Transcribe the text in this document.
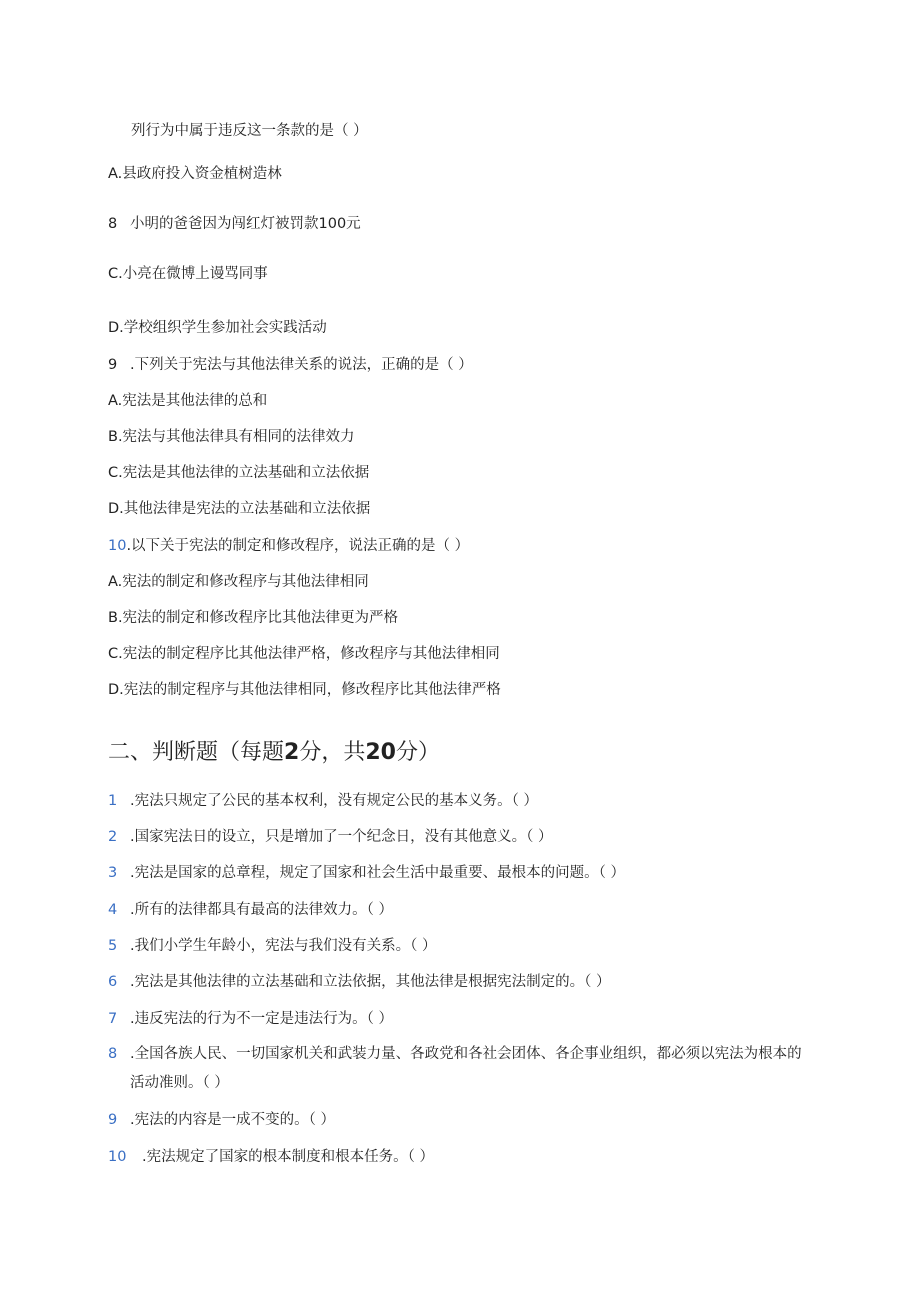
列行为中属于违反这一条款的是（ ）
A.县政府投入资金植树造林
8 小明的爸爸因为闯红灯被罚款100元
C.小亮在微博上谩骂同事
D.学校组织学生参加社会实践活动
9 .下列关于宪法与其他法律关系的说法，正确的是（ ）
A.宪法是其他法律的总和
B.宪法与其他法律具有相同的法律效力
C.宪法是其他法律的立法基础和立法依据
D.其他法律是宪法的立法基础和立法依据
10.以下关于宪法的制定和修改程序，说法正确的是（ ）
A.宪法的制定和修改程序与其他法律相同
B.宪法的制定和修改程序比其他法律更为严格
C.宪法的制定程序比其他法律严格，修改程序与其他法律相同
D.宪法的制定程序与其他法律相同，修改程序比其他法律严格
二、判断题（每题2分，共20分）
1 .宪法只规定了公民的基本权利，没有规定公民的基本义务。（ ）
2 .国家宪法日的设立，只是增加了一个纪念日，没有其他意义。（ ）
3 .宪法是国家的总章程，规定了国家和社会生活中最重要、最根本的问题。（ ）
4 .所有的法律都具有最高的法律效力。（ ）
5 .我们小学生年龄小，宪法与我们没有关系。（ ）
6 .宪法是其他法律的立法基础和立法依据，其他法律是根据宪法制定的。（ ）
7 .违反宪法的行为不一定是违法行为。（ ）
8 .全国各族人民、一切国家机关和武装力量、各政党和各社会团体、各企事业组织，都必须以宪法为根本的活动准则。（ ）
9 .宪法的内容是一成不变的。（ ）
10 .宪法规定了国家的根本制度和根本任务。（ ）
